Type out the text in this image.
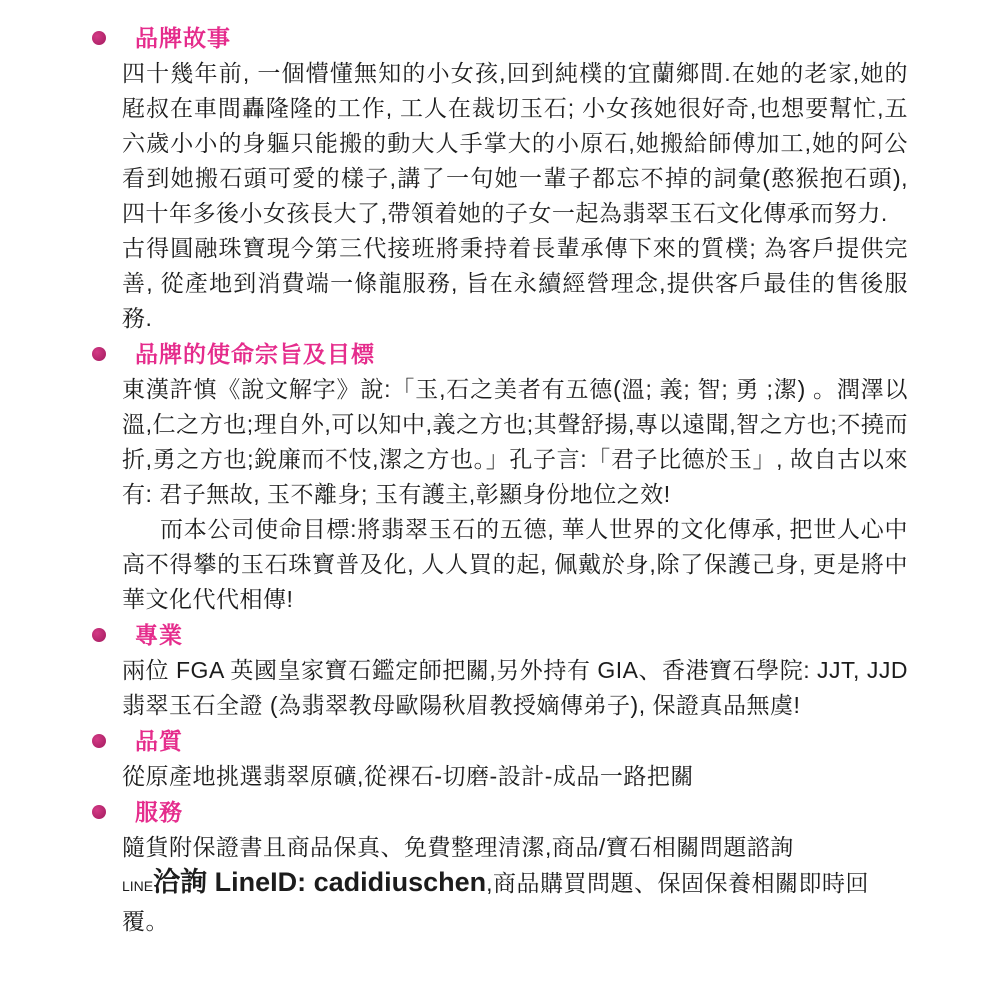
品牌故事

四十幾年前, 一個懵懂無知的小女孩,回到純樸的宜蘭鄉間.在她的老家,她的屘叔在車間轟隆隆的工作, 工人在裁切玉石; 小女孩她很好奇,也想要幫忙,五六歲小小的身軀只能搬的動大人手掌大的小原石,她搬給師傅加工,她的阿公看到她搬石頭可愛的樣子,講了一句她一輩子都忘不掉的詞彙(憨猴抱石頭), 四十年多後小女孩長大了,帶領着她的子女一起為翡翠玉石文化傳承而努力.

古得圓融珠寶現今第三代接班將秉持着長輩承傳下來的質樸; 為客戶提供完善, 從產地到消費端一條龍服務, 旨在永續經營理念,提供客戶最佳的售後服務.

品牌的使命宗旨及目標

東漢許慎《說文解字》說:「玉,石之美者有五德(溫; 義; 智; 勇 ;潔) 。潤澤以溫,仁之方也;理自外,可以知中,義之方也;其聲舒揚,專以遠聞,智之方也;不撓而折,勇之方也;銳廉而不忮,潔之方也。」孔子言:「君子比德於玉」, 故自古以來有: 君子無故, 玉不離身; 玉有護主,彰顯身份地位之效!

而本公司使命目標:將翡翠玉石的五德, 華人世界的文化傳承, 把世人心中高不得攀的玉石珠寶普及化, 人人買的起, 佩戴於身,除了保護己身, 更是將中華文化代代相傳!

專業

兩位 FGA 英國皇家寶石鑑定師把關,另外持有 GIA、香港寶石學院: JJT, JJD 翡翠玉石全證 (為翡翠教母歐陽秋眉教授嫡傳弟子), 保證真品無虞!

品質

從原產地挑選翡翠原礦,從裸石-切磨-設計-成品一路把關

服務

隨貨附保證書且商品保真、免費整理清潔,商品/寶石相關問題諮詢

LINE洽詢 LineID: cadidiuschen,商品購買問題、保固保養相關即時回覆。
